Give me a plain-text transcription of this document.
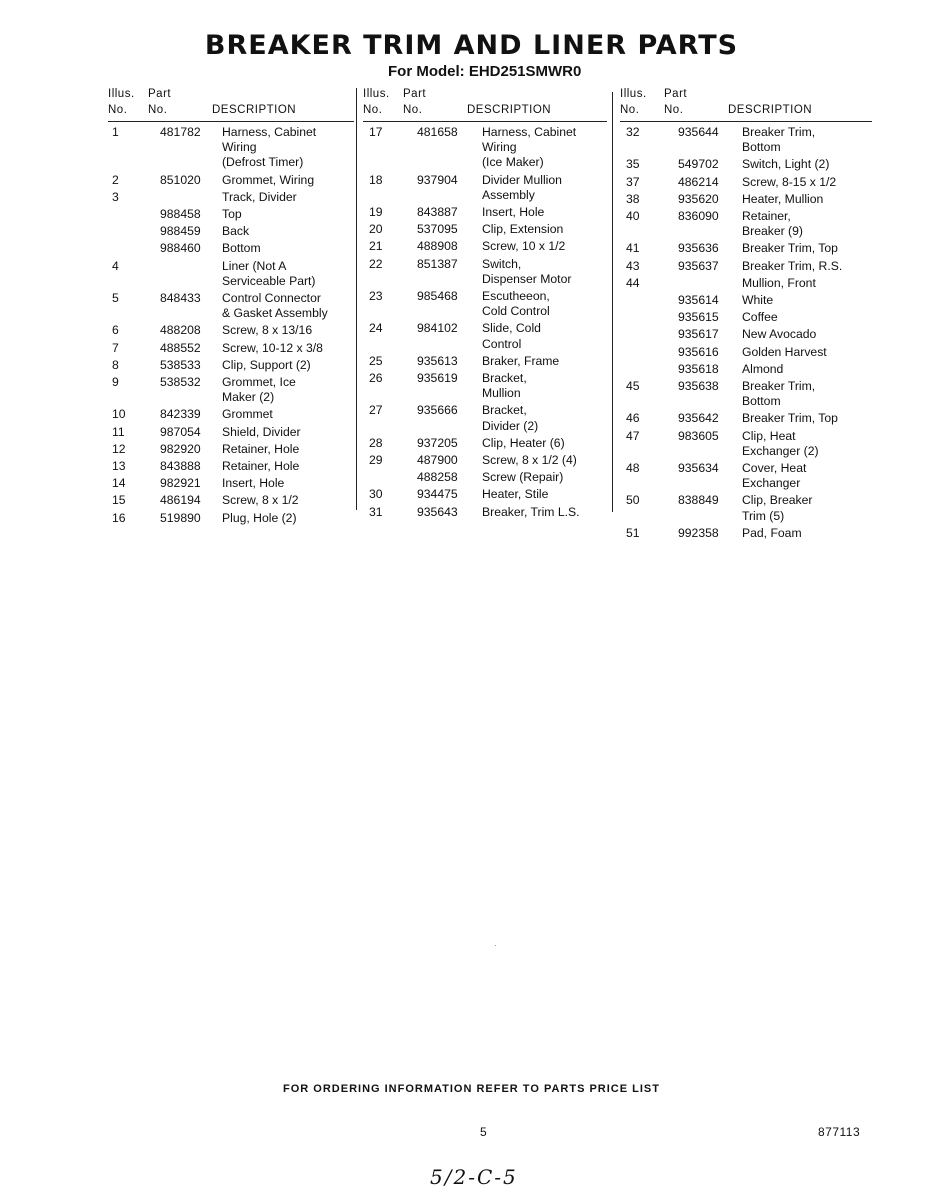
BREAKER TRIM AND LINER PARTS
For Model: EHD251SMWR0
Illus. Part
No. No.	DESCRIPTION
1	481782 Harness, Cabinet
Wiring
(Defrost Timer)
2	851020 Grommet, Wiring
3	Track, Divider
988458 Top
988459 Back
988460 Bottom
4	Liner (Not A
Serviceable Part)
5	848433 Control Connector
& Gasket Assembly
6	488208 Screw, 8 x 13/16
7	488552 Screw, 10-12 x 3/8
8	538533 Clip, Support (2)
9	538532 Grommet, Ice
Maker (2)
10	842339 Grommet
11	987054 Shield, Divider
12	982920 Retainer, Hole
13	843888 Retainer, Hole
14	982921 Insert, Hole
15	486194 Screw, 8 x 1/2
16	519890 Plug, Hole (2)
Illus. Part
No. No.	DESCRIPTION
17	481658 Harness, Cabinet
Wiring
(Ice Maker)
18	937904 Divider Mullion
Assembly
19	843887 Insert, Hole
20	537095 Clip, Extension
21	488908 Screw, 10 x 1/2
22	851387 Switch,
Dispenser Motor
23	985468 Escutheeon,
Cold Control
24	984102 Slide, Cold
Control
25	935613 Braker, Frame
26	935619 Bracket,
Mullion
27	935666 Bracket,
Divider (2)
28	937205 Clip, Heater (6)
29	487900 Screw, 8 x 1/2 (4)
488258 Screw (Repair)
30	934475 Heater, Stile
31	935643 Breaker, Trim L.S.
Illus. Part
No. No.	DESCRIPTION
32	935644 Breaker Trim,
Bottom
35	549702 Switch, Light (2)
37	486214 Screw, 8-15 x 1/2
38	935620 Heater, Mullion
40	836090 Retainer,
Breaker (9)
41	935636 Breaker Trim, Top
43	935637 Breaker Trim, R.S.
44	Mullion, Front
935614 White
935615 Coffee
935617 New Avocado
935616 Golden Harvest
935618 Almond
45	935638 Breaker Trim,
Bottom
46	935642 Breaker Trim, Top
47	983605 Clip, Heat
Exchanger (2)
48	935634 Cover, Heat
Exchanger
50	838849 Clip, Breaker
Trim (5)
51	992358 Pad, Foam
FOR ORDERING INFORMATION REFER TO PARTS PRICE LIST
5	877113
5/2-C-5
